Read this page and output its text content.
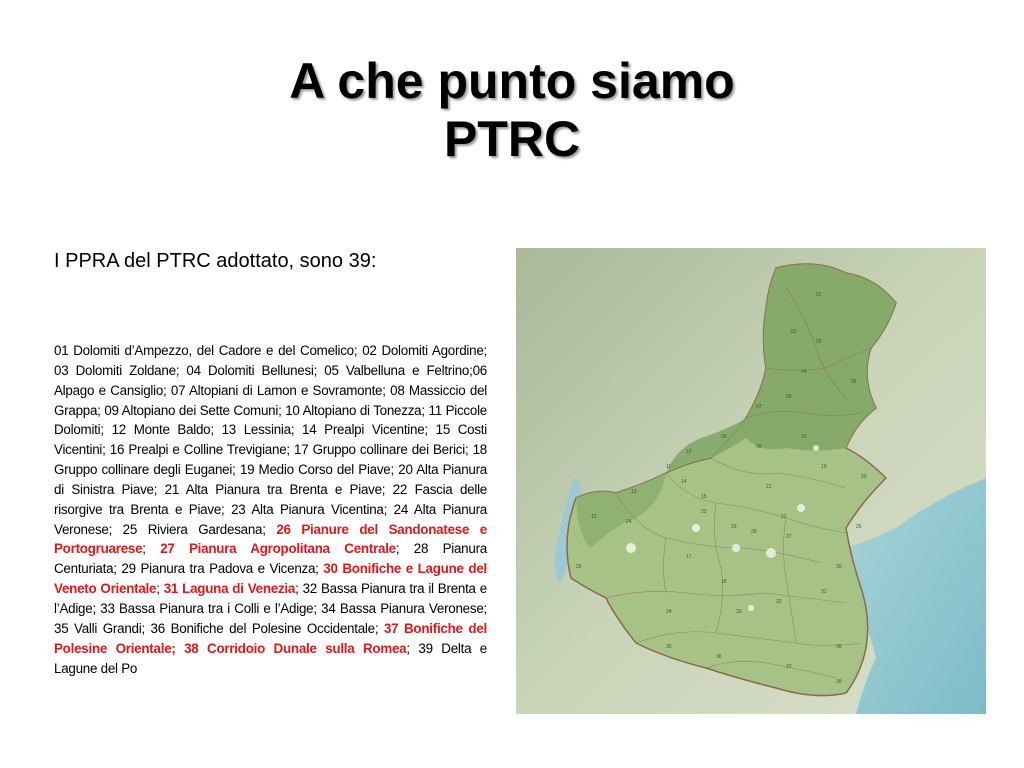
A che punto siamo
PTRC
I PPRA del PTRC adottato, sono 39:
01 Dolomiti d’Ampezzo, del Cadore e del Comelico; 02 Dolomiti Agordine; 03 Dolomiti Zoldane; 04 Dolomiti Bellunesi; 05 Valbelluna e Feltrino;06 Alpago e Cansiglio; 07 Altopiani di Lamon e Sovramonte; 08 Massiccio del Grappa; 09 Altopiano dei Sette Comuni; 10 Altopiano di Tonezza; 11 Piccole Dolomiti; 12 Monte Baldo; 13 Lessinia; 14 Prealpi Vicentine; 15 Costi Vicentini; 16 Prealpi e Colline Trevigiane; 17 Gruppo collinare dei Berici; 18 Gruppo collinare degli Euganei; 19 Medio Corso del Piave; 20 Alta Pianura di Sinistra Piave; 21 Alta Pianura tra Brenta e Piave; 22 Fascia delle risorgive tra Brenta e Piave; 23 Alta Pianura Vicentina; 24 Alta Pianura Veronese; 25 Riviera Gardesana; 26 Pianure del Sandonatese e Portogruarese; 27 Pianura Agropolitana Centrale; 28 Pianura Centuriata; 29 Pianura tra Padova e Vicenza; 30 Bonifiche e Lagune del Veneto Orientale; 31 Laguna di Venezia; 32 Bassa Pianura tra il Brenta e l’Adige; 33 Bassa Pianura tra i Colli e l’Adige; 34 Bassa Pianura Veronese; 35 Valli Grandi; 36 Bonifiche del Polesine Occidentale; 37 Bonifiche del Polesine Orientale; 38 Corridoio Dunale sulla Romea; 39 Delta e Lagune del Po
01
02
03
04
05
06
07
08
09
10
11
12
13
14
15
16
17
18
19
20
21
22
23
24
25
26
27
28
29
30
31
32
33
34
35
36
37
38
39
